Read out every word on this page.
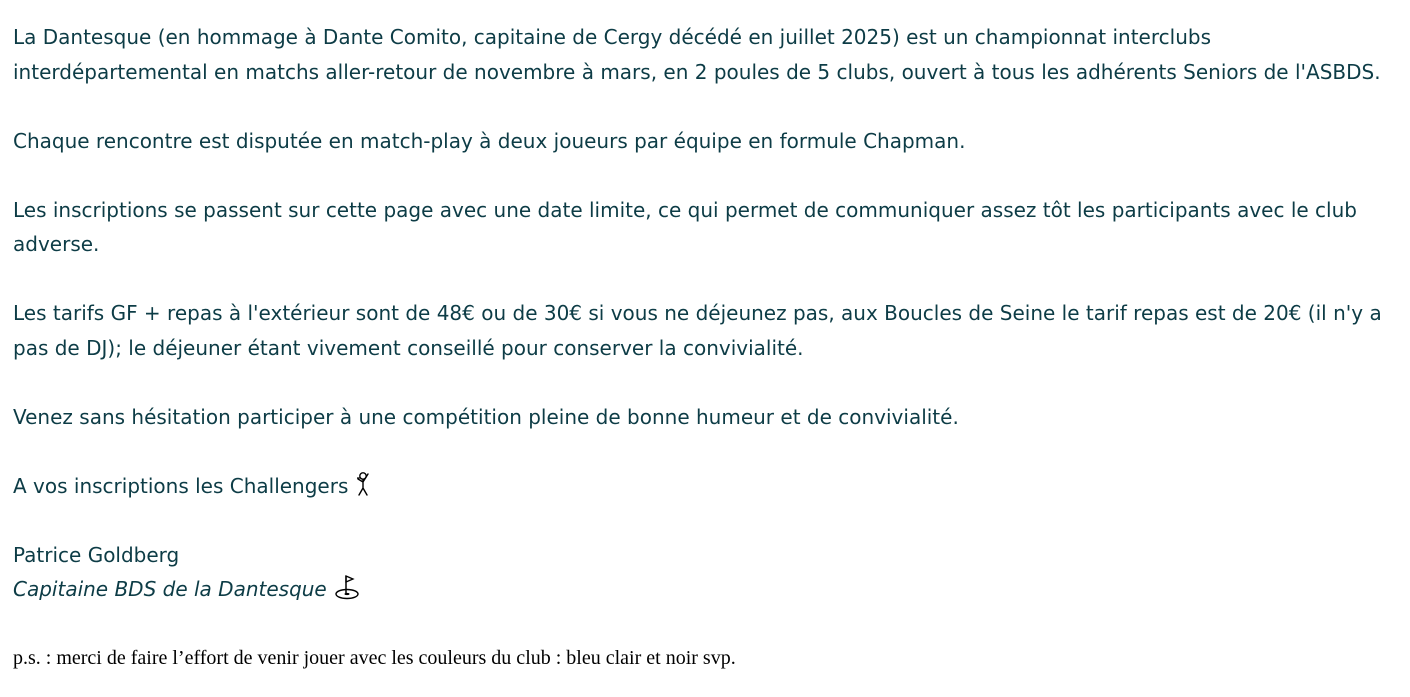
La Dantesque (en hommage à Dante Comito, capitaine de Cergy décédé en juillet 2025) est un championnat interclubs interdépartemental en matchs aller-retour de novembre à mars, en 2 poules de 5 clubs, ouvert à tous les adhérents Seniors de l'ASBDS.

Chaque rencontre est disputée en match-play à deux joueurs par équipe en formule Chapman.

Les inscriptions se passent sur cette page avec une date limite, ce qui permet de communiquer assez tôt les participants avec le club adverse.

Les tarifs GF + repas à l'extérieur sont de 48€ ou de 30€ si vous ne déjeunez pas, aux Boucles de Seine le tarif repas est de 20€ (il n'y a pas de DJ); le déjeuner étant vivement conseillé pour conserver la convivialité.

Venez sans hésitation participer à une compétition pleine de bonne humeur et de convivialité.

A vos inscriptions les Challengers

Patrice Goldberg

Capitaine BDS de la Dantesque

p.s. : merci de faire l’effort de venir jouer avec les couleurs du club : bleu clair et noir svp.
